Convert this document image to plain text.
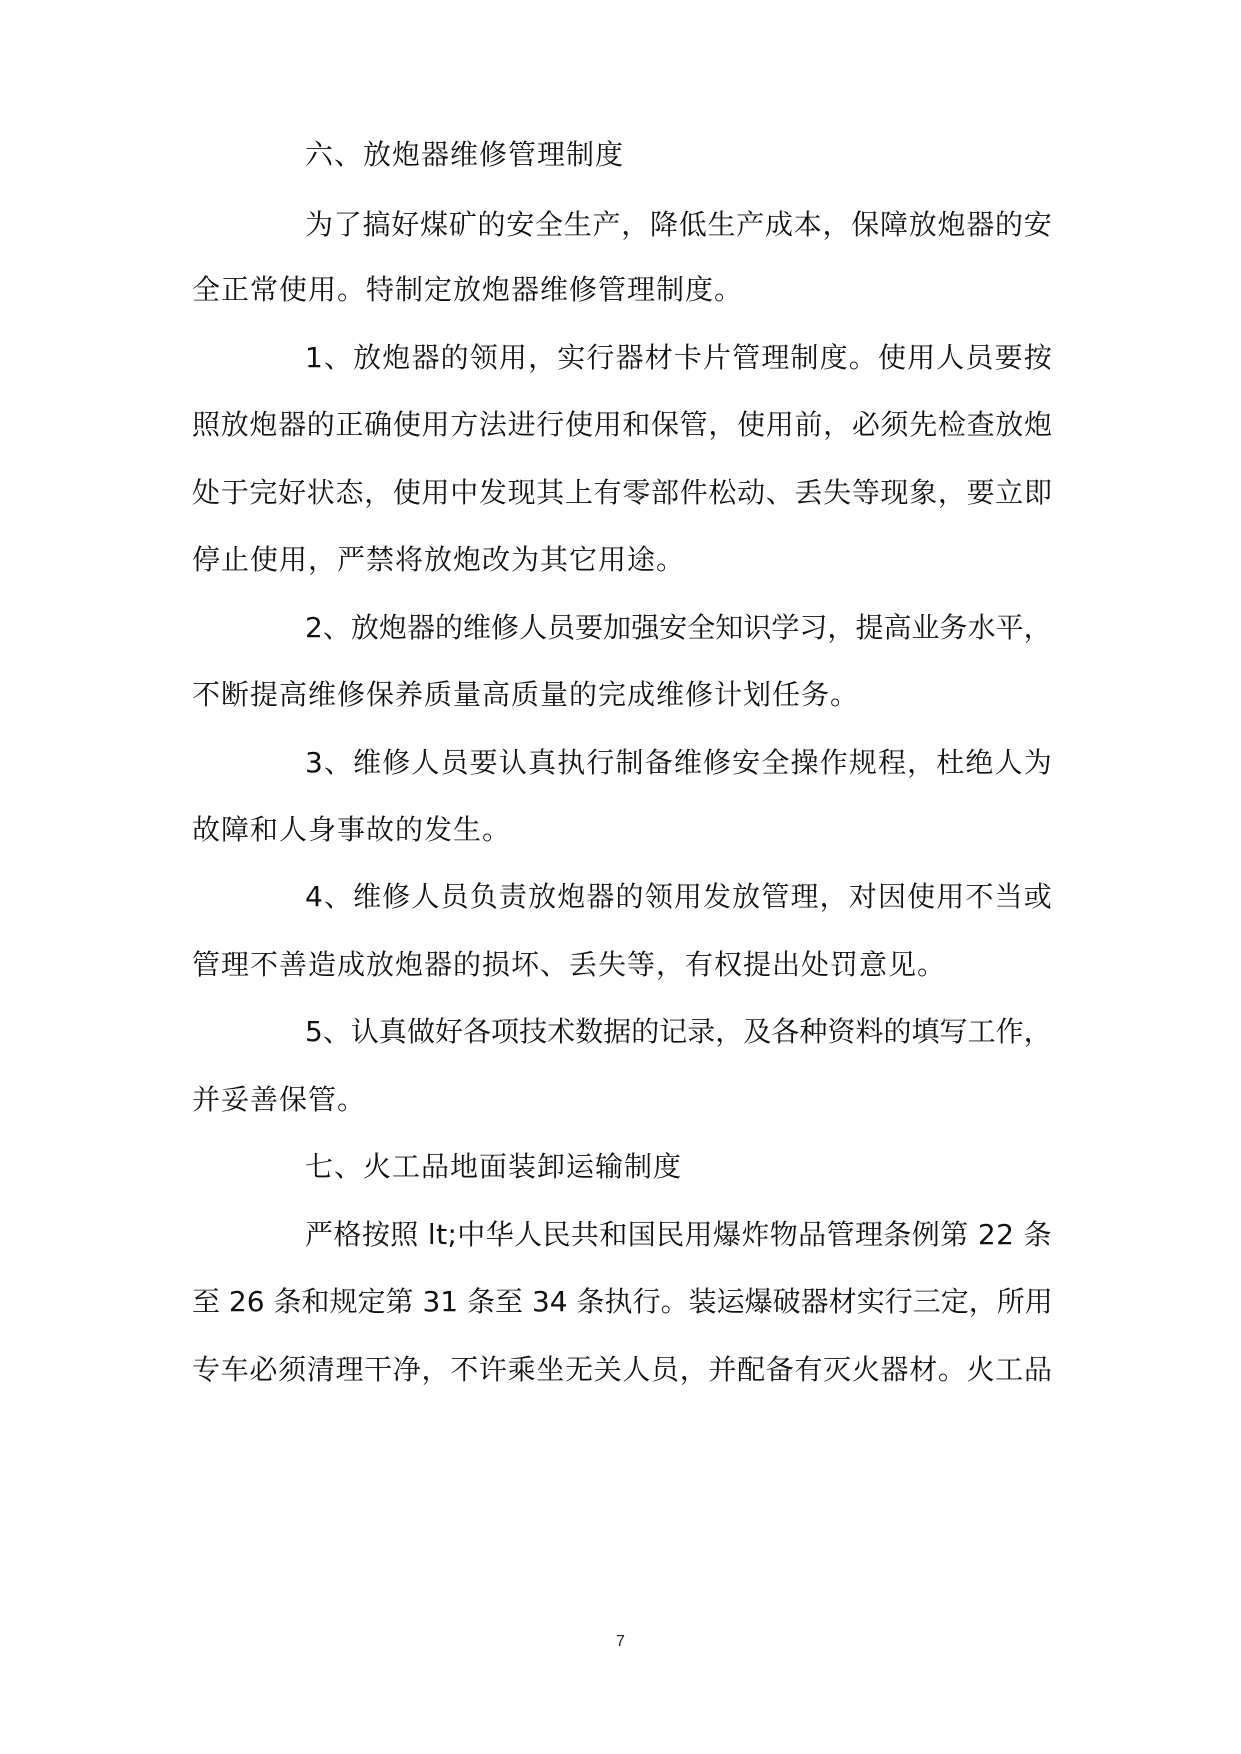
六、放炮器维修管理制度
为 了 搞 好 煤 矿 的 安 全 生 产 ， 降 低 生 产 成 本 ， 保 障 放 炮 器 的 安
全正常使用。特制定放炮器维修管理制度。
1 、 放 炮 器 的 领 用 ， 实 行 器 材 卡 片 管 理 制 度 。 使 用 人 员 要 按
照 放 炮 器 的 正 确 使 用 方 法 进 行 使 用 和 保 管 ， 使 用 前 ， 必 须 先 检 查 放 炮
处 于 完 好 状 态 ， 使 用 中 发 现 其 上 有 零 部 件 松 动 、 丢 失 等 现 象 ， 要 立 即
停止使用，严禁将放炮改为其它用途。
2 、 放 炮 器 的 维 修 人 员 要 加 强 安 全 知 识 学 习 ， 提 高 业 务 水 平 ，
不断提高维修保养质量高质量的完成维修计划任务。
3 、 维 修 人 员 要 认 真 执 行 制 备 维 修 安 全 操 作 规 程 ， 杜 绝 人 为
故障和人身事故的发生。
4 、 维 修 人 员 负 责 放 炮 器 的 领 用 发 放 管 理 ， 对 因 使 用 不 当 或
管理不善造成放炮器的损坏、丢失等，有权提出处罚意见。
5 、 认 真 做 好 各 项 技 术 数 据 的 记 录 ， 及 各 种 资 料 的 填 写 工 作 ，
并妥善保管。
七、火工品地面装卸运输制度
严 格 按 照
l t ; 中 华 人 民 共 和 国 民 用 爆 炸 物 品 管 理 条 例 第
2 2
条
至
2 6
条 和 规 定 第
3 1
条 至
3 4
条 执 行 。 装 运 爆 破 器 材 实 行 三 定 ， 所 用
专 车 必 须 清 理 干 净 ， 不 许 乘 坐 无 关 人 员 ， 并 配 备 有 灭 火 器 材 。 火 工 品
7
